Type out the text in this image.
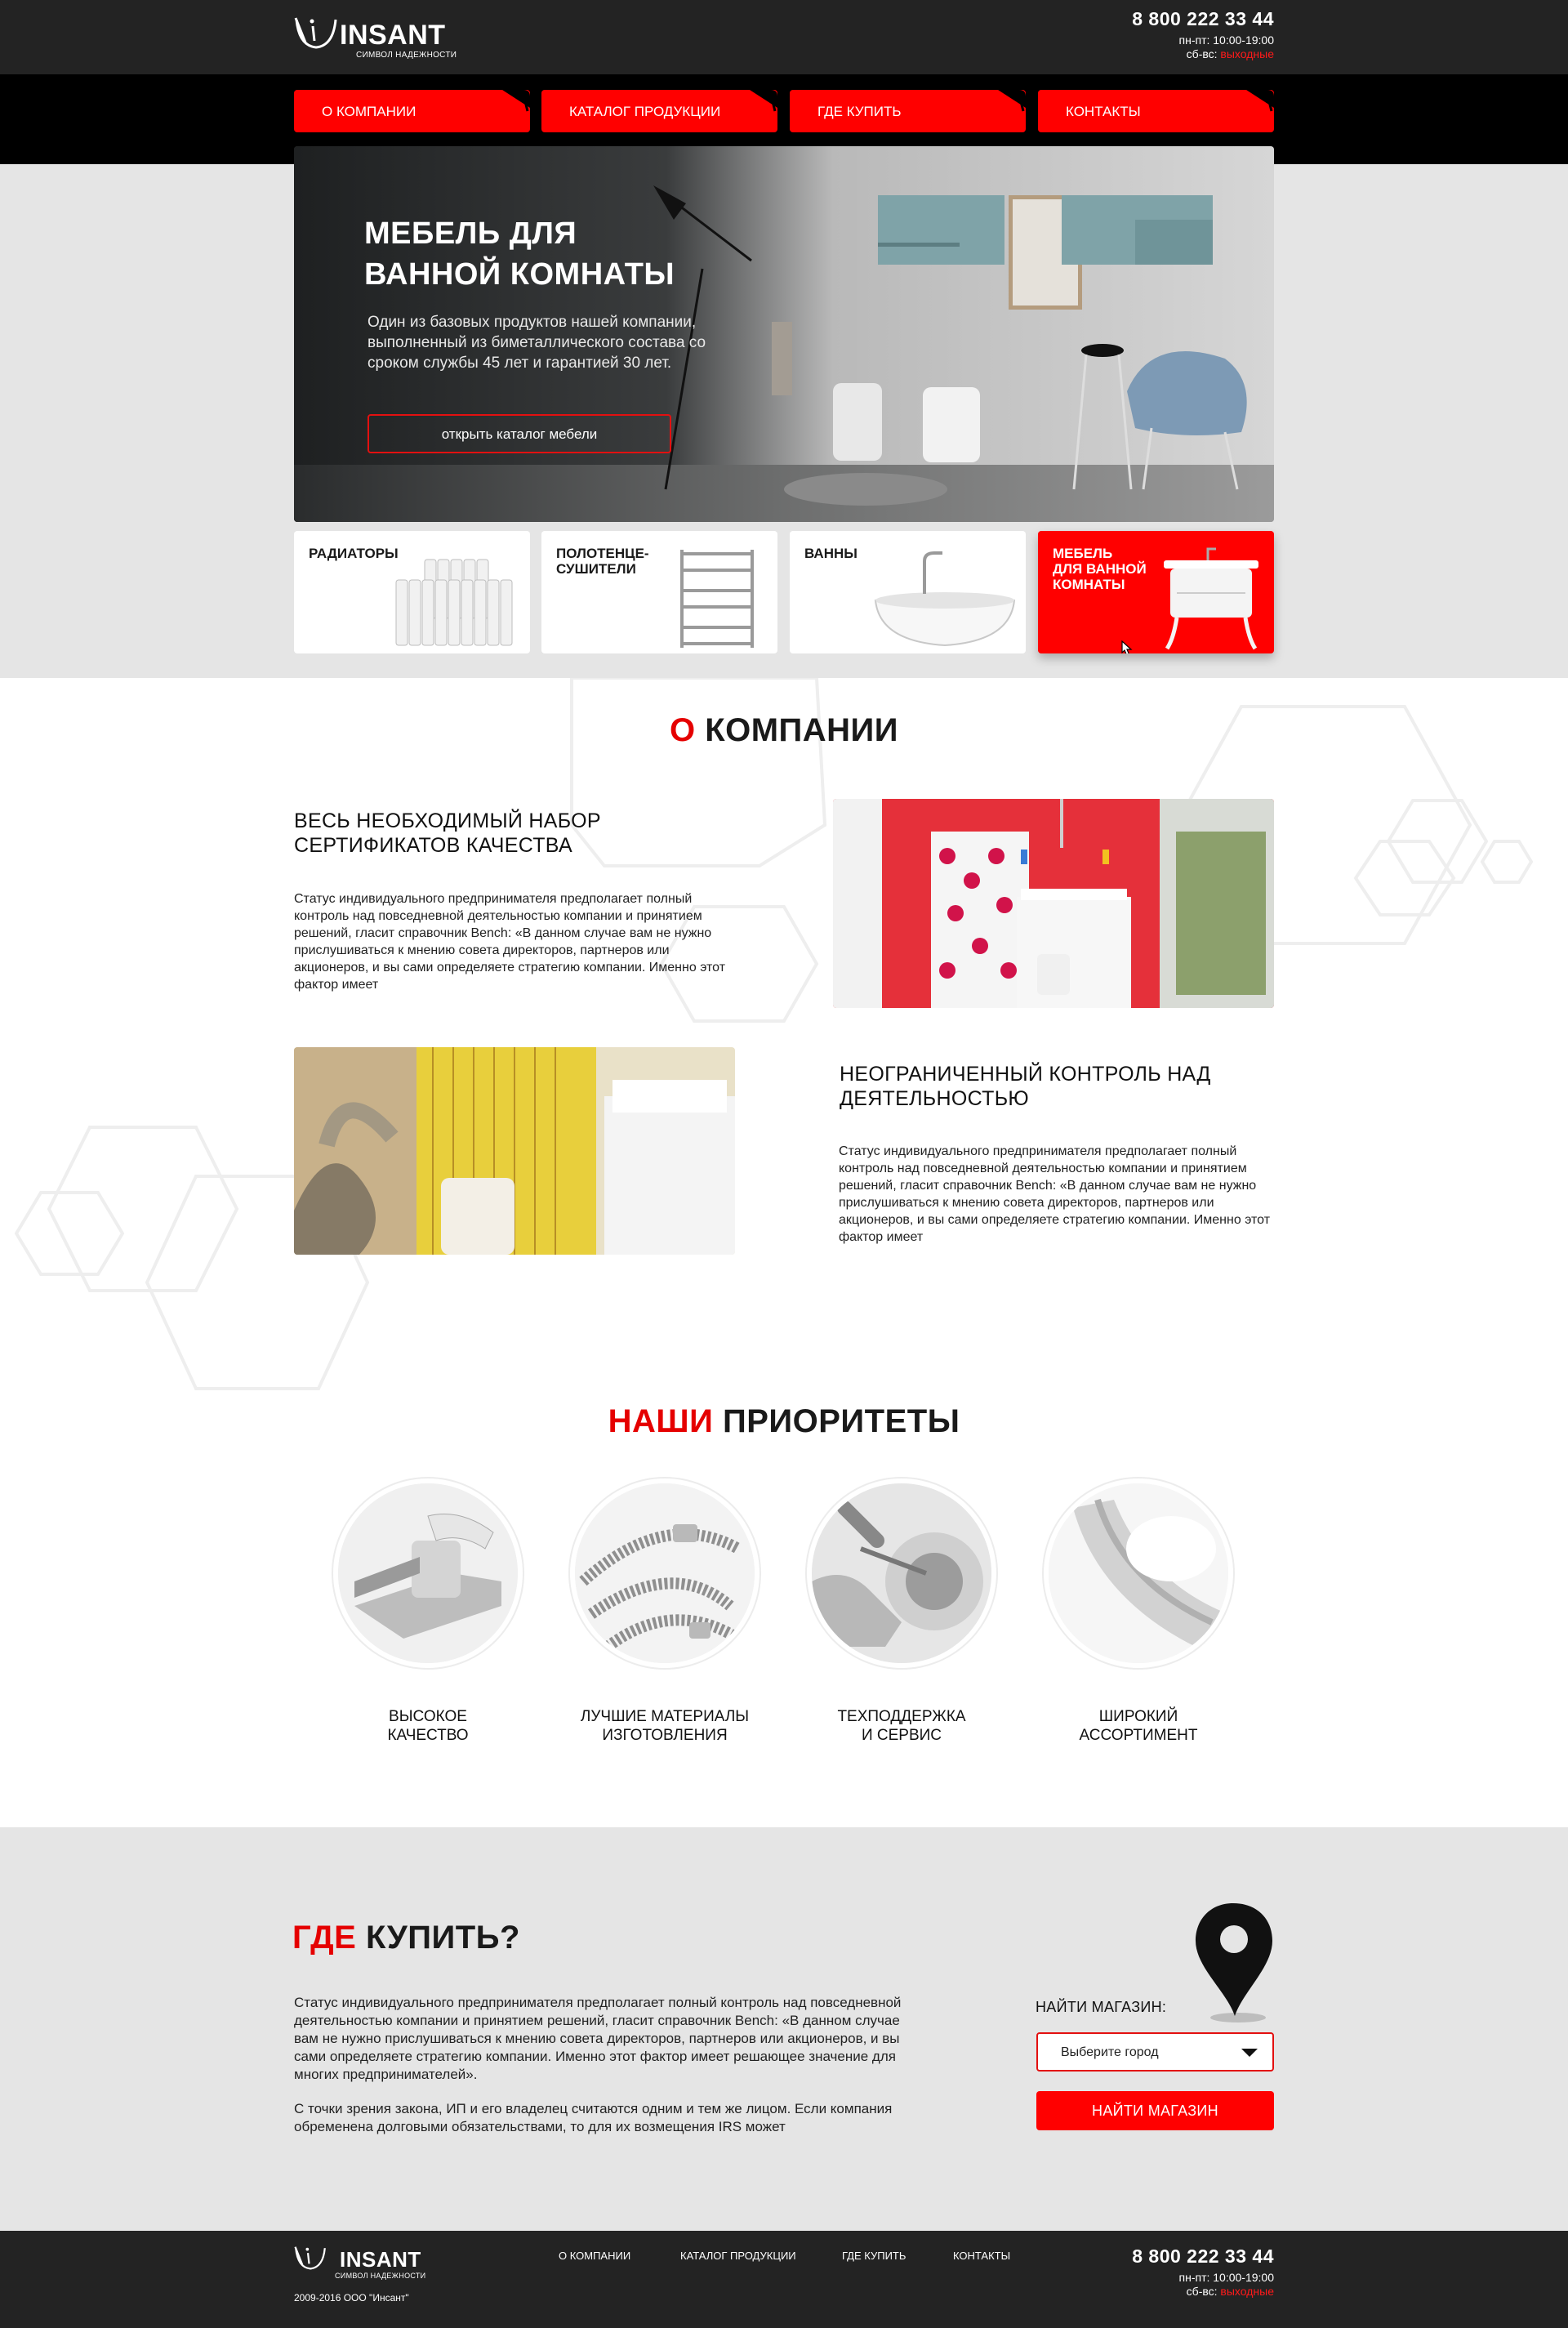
INSANT
СИМВОЛ НАДЕЖНОСТИ
8 800 222 33 44
пн-пт: 10:00-19:00
сб-вс: выходные
О КОМПАНИИ	КАТАЛОГ ПРОДУКЦИИ	ГДЕ КУПИТЬ	КОНТАКТЫ
МЕБЕЛЬ ДЛЯ
ВАННОЙ КОМНАТЫ
Один из базовых продуктов нашей компании, выполненный из биметаллического состава со сроком службы 45 лет и гарантией 30 лет.
открыть каталог мебели
РАДИАТОРЫ	ПОЛОТЕНЦЕ-
СУШИТЕЛИ
ВАННЫ	МЕБЕЛЬ
ДЛЯ ВАННОЙ
КОМНАТЫ
О КОМПАНИИ
ВЕСЬ НЕОБХОДИМЫЙ НАБОР
СЕРТИФИКАТОВ КАЧЕСТВА

Статус индивидуального предпринимателя предполагает полный контроль над повседневной деятельностью компании и принятием решений, гласит справочник Bench: «В данном случае вам не нужно прислушиваться к мнению совета директоров, партнеров или акционеров, и вы сами определяете стратегию компании. Именно этот фактор имеет

НЕОГРАНИЧЕННЫЙ КОНТРОЛЬ НАД
ДЕЯТЕЛЬНОСТЬЮ

Статус индивидуального предпринимателя предполагает полный контроль над повседневной деятельностью компании и принятием решений, гласит справочник Bench: «В данном случае вам не нужно прислушиваться к мнению совета директоров, партнеров или акционеров, и вы сами определяете стратегию компании. Именно этот фактор имеет

НАШИ ПРИОРИТЕТЫ
ВЫСОКОЕ
КАЧЕСТВО
ЛУЧШИЕ МАТЕРИАЛЫ
ИЗГОТОВЛЕНИЯ
ТЕХПОДДЕРЖКА
И СЕРВИС
ШИРОКИЙ
АССОРТИМЕНТ
ГДЕ КУПИТЬ?

Статус индивидуального предпринимателя предполагает полный контроль над повседневной деятельностью компании и принятием решений, гласит справочник Bench: «В данном случае вам не нужно прислушиваться к мнению совета директоров, партнеров или акционеров, и вы сами определяете стратегию компании. Именно этот фактор имеет решающее значение для многих предпринимателей».

С точки зрения закона, ИП и его владелец считаются одним и тем же лицом. Если компания обременена долговыми обязательствами, то для их возмещения IRS может

НАЙТИ МАГАЗИН:
Выберите город
НАЙТИ МАГАЗИН
INSANT
СИМВОЛ НАДЕЖНОСТИ
О КОМПАНИИ	КАТАЛОГ ПРОДУКЦИИ	ГДЕ КУПИТЬ	КОНТАКТЫ
2009-2016 ООО "Инсант"
8 800 222 33 44
пн-пт: 10:00-19:00
сб-вс: выходные
